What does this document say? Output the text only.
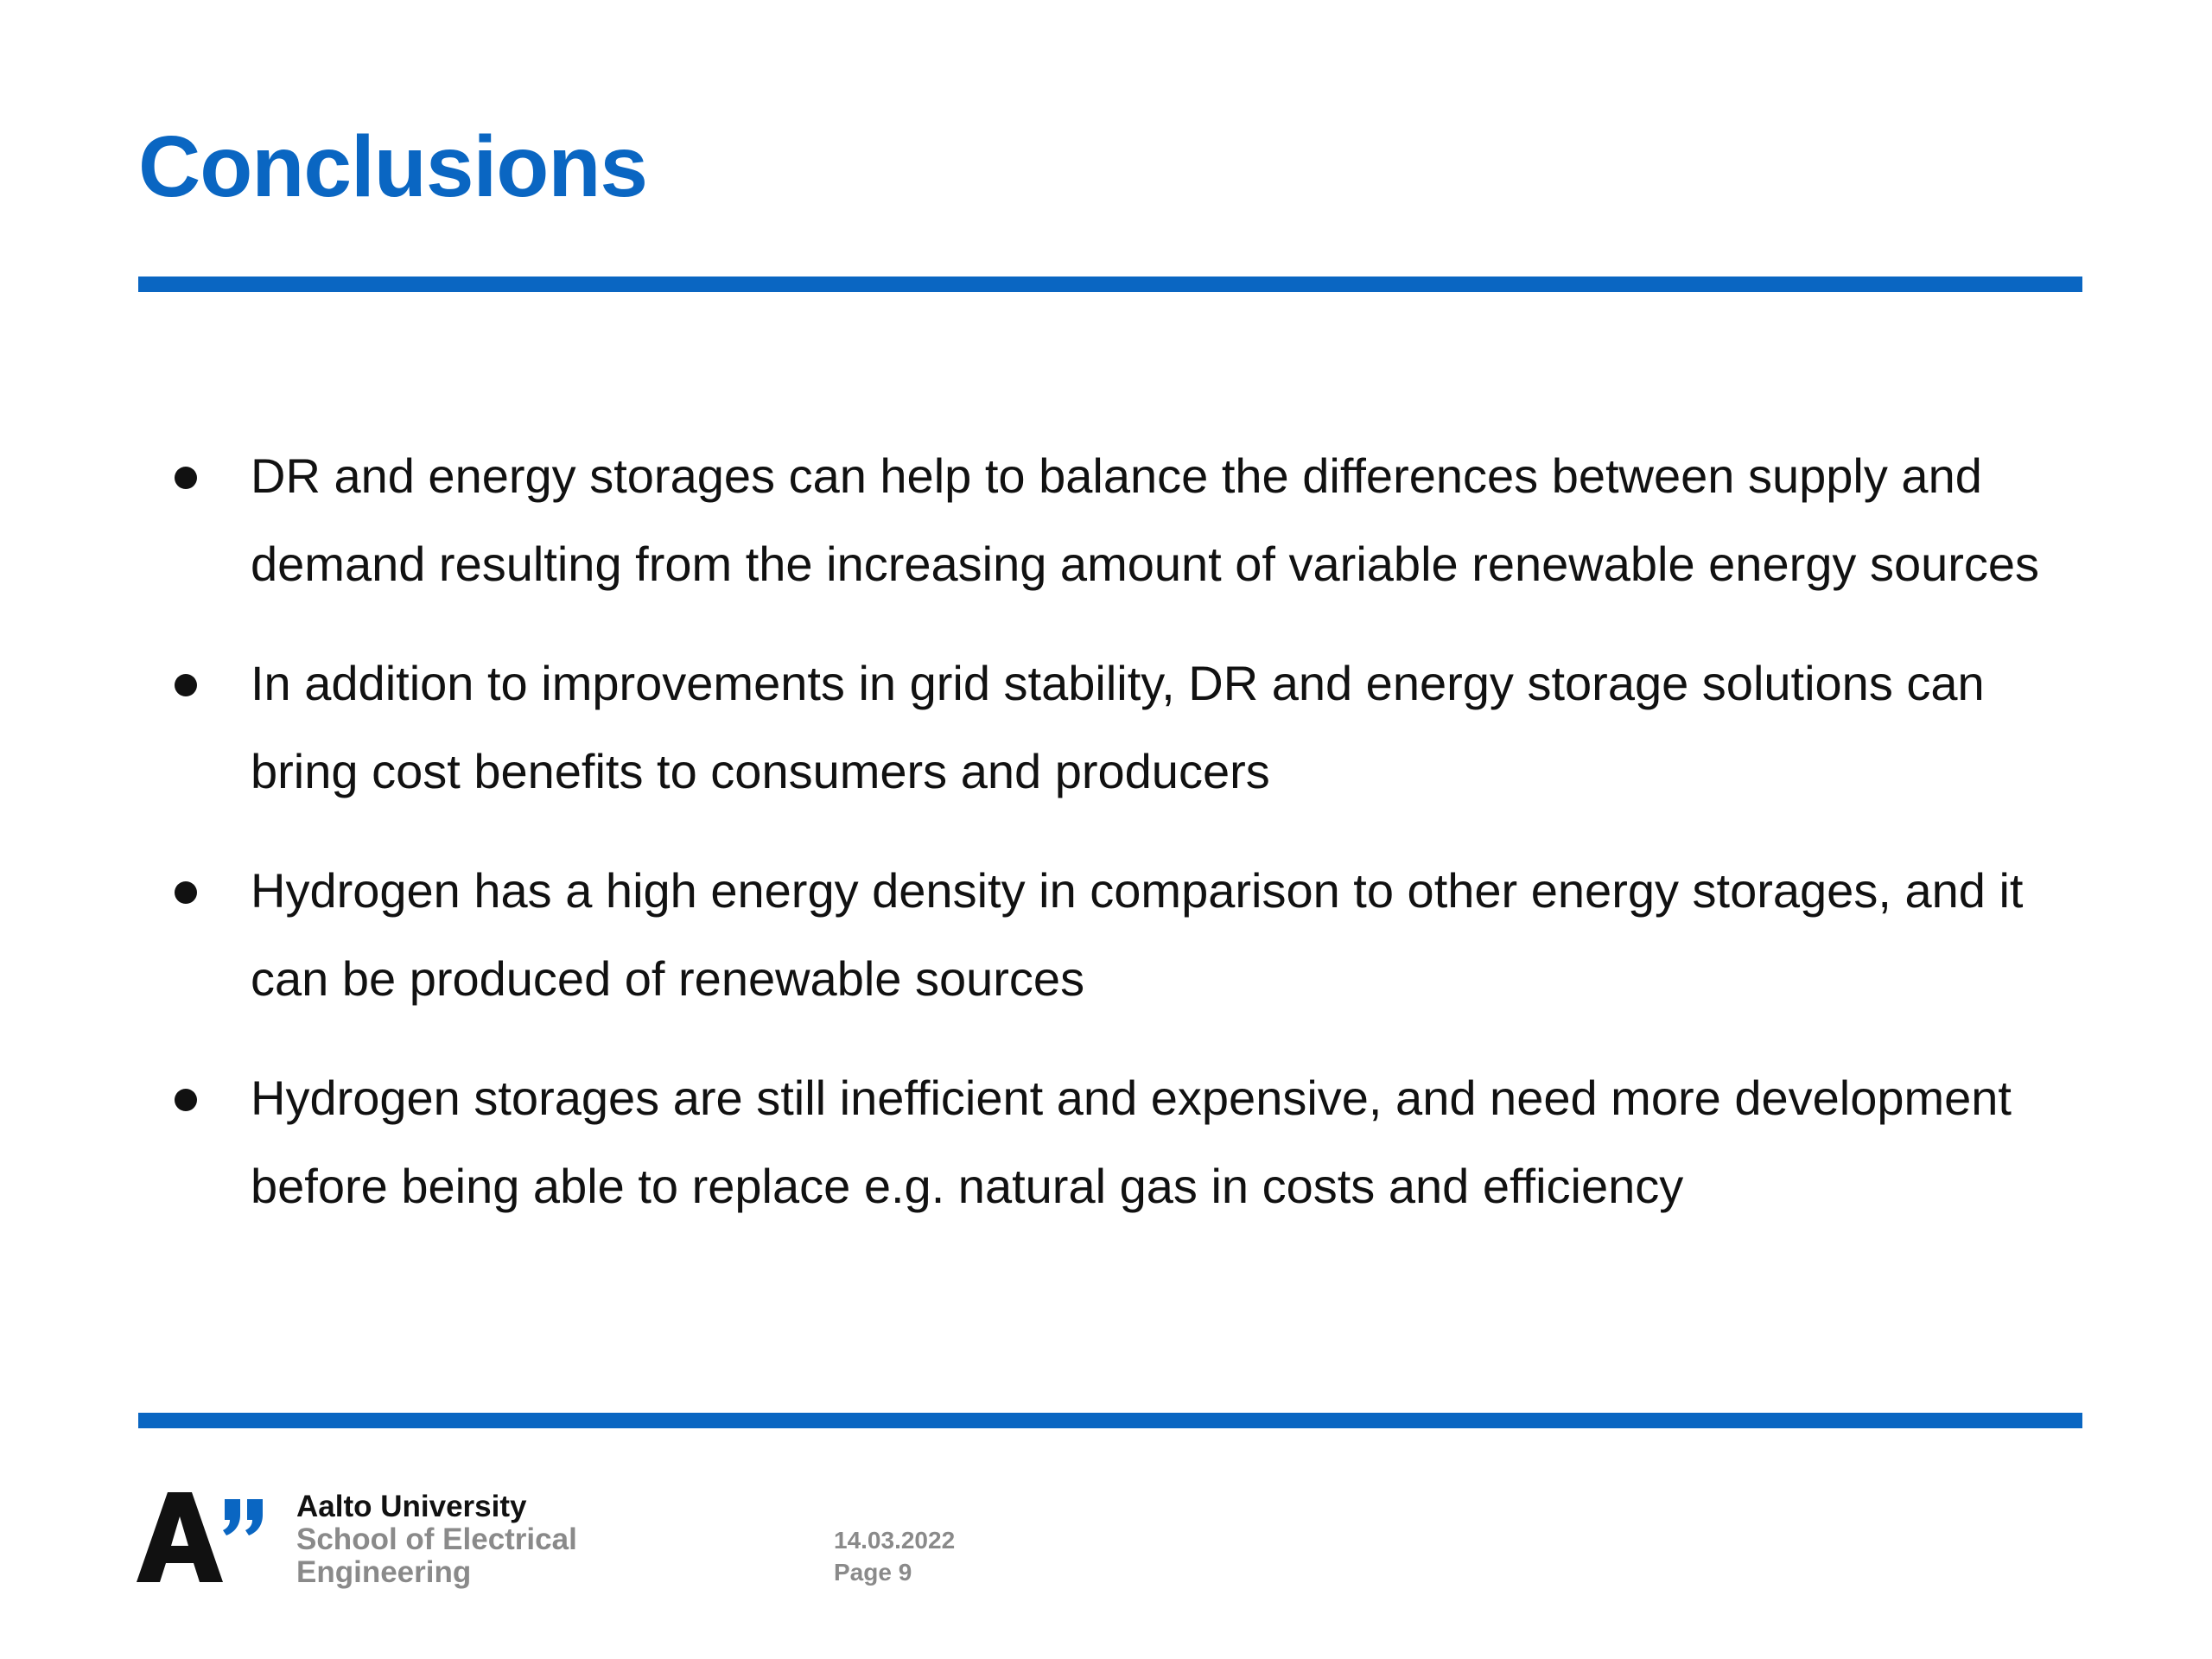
Conclusions
DR and energy storages can help to balance the differences between supply and demand resulting from the increasing amount of variable renewable energy sources
In addition to improvements in grid stability, DR and energy storage solutions can bring cost benefits to consumers and producers
Hydrogen has a high energy density in comparison to other energy storages, and it can be produced of renewable sources
Hydrogen storages are still inefficient and expensive, and need more development before being able to replace e.g. natural gas in costs and efficiency
Aalto University
School of Electrical
Engineering
14.03.2022
Page 9
